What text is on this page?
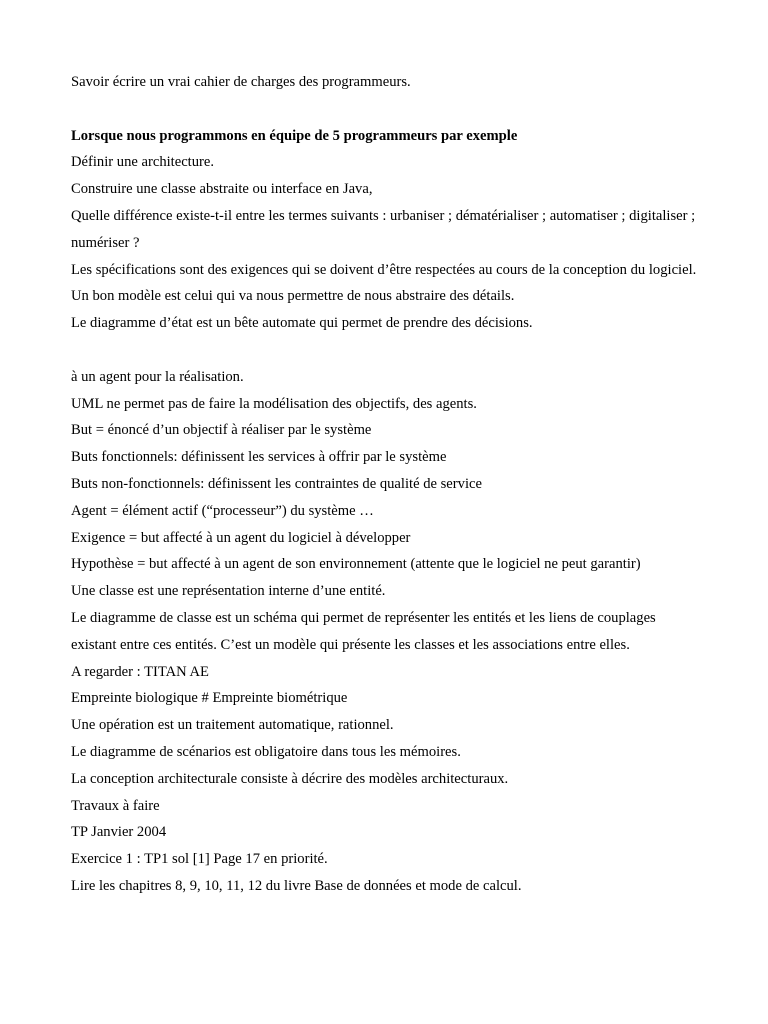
Savoir écrire un vrai cahier de charges des programmeurs.

Lorsque nous programmons en équipe de 5 programmeurs par exemple

Définir une architecture.

Construire une classe abstraite ou interface en Java,

Quelle différence existe-t-il entre les termes suivants : urbaniser ; dématérialiser ; automatiser ; digitaliser ; numériser ?

Les spécifications sont des exigences qui se doivent d’être respectées au cours de la conception du logiciel.

Un bon modèle est celui qui va nous permettre de nous abstraire des détails.

Le diagramme d’état est un bête automate qui permet de prendre des décisions.

à un agent pour la réalisation.

UML ne permet pas de faire la modélisation des objectifs, des agents.

But = énoncé d’un objectif à réaliser par le système

Buts fonctionnels: définissent les services à offrir par le système

Buts non-fonctionnels: définissent les contraintes de qualité de service

Agent = élément actif (“processeur”) du système …

Exigence = but affecté à un agent du logiciel à développer

Hypothèse = but affecté à un agent de son environnement (attente que le logiciel ne peut garantir)

Une classe est une représentation interne d’une entité.

Le diagramme de classe est un schéma qui permet de représenter les entités et les liens de couplages existant entre ces entités. C’est un modèle qui présente les classes et les associations entre elles.

A regarder : TITAN AE

Empreinte biologique # Empreinte biométrique

Une opération est un traitement automatique, rationnel.

Le diagramme de scénarios est obligatoire dans tous les mémoires.

La conception architecturale consiste à décrire des modèles architecturaux.

Travaux à faire

TP Janvier 2004

Exercice 1 : TP1 sol [1] Page 17 en priorité.

Lire les chapitres 8, 9, 10, 11, 12 du livre Base de données et mode de calcul.
